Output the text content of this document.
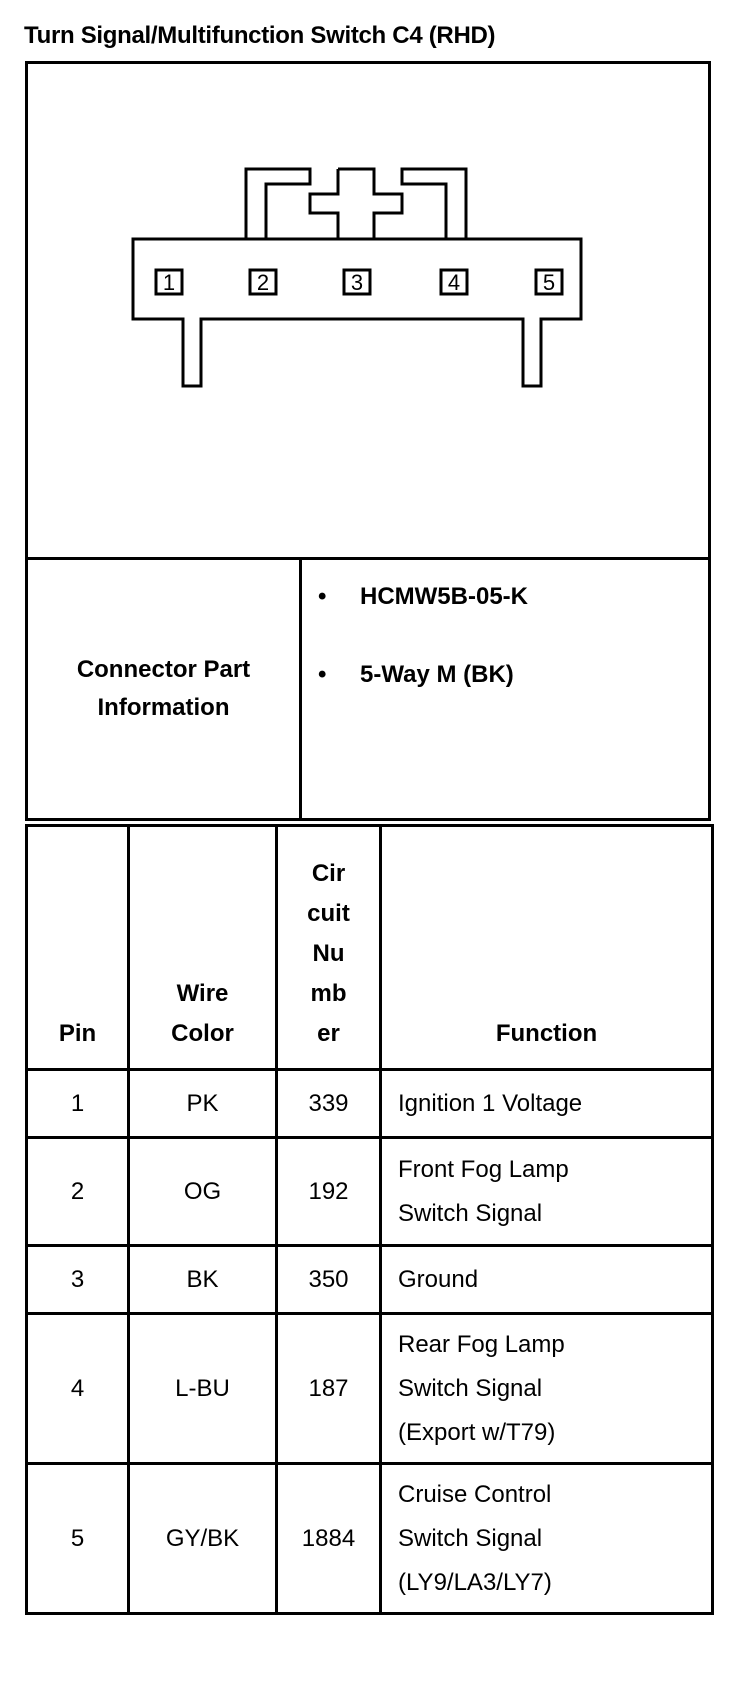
Turn Signal/Multifunction Switch C4 (RHD)
1	2	3	4	5
Connector Part Information
• HCMW5B-05-K
• 5-Way M (BK)
Pin	Wire Color	Cir cuit Nu mb er	Function
1	PK	339	Ignition 1 Voltage

2	OG	192	Front Fog Lamp Switch Signal

3	BK	350	Ground

4	L-BU	187	Rear Fog Lamp Switch Signal (Export w/T79)

5	GY/BK	1884	Cruise Control Switch Signal (LY9/LA3/LY7)
